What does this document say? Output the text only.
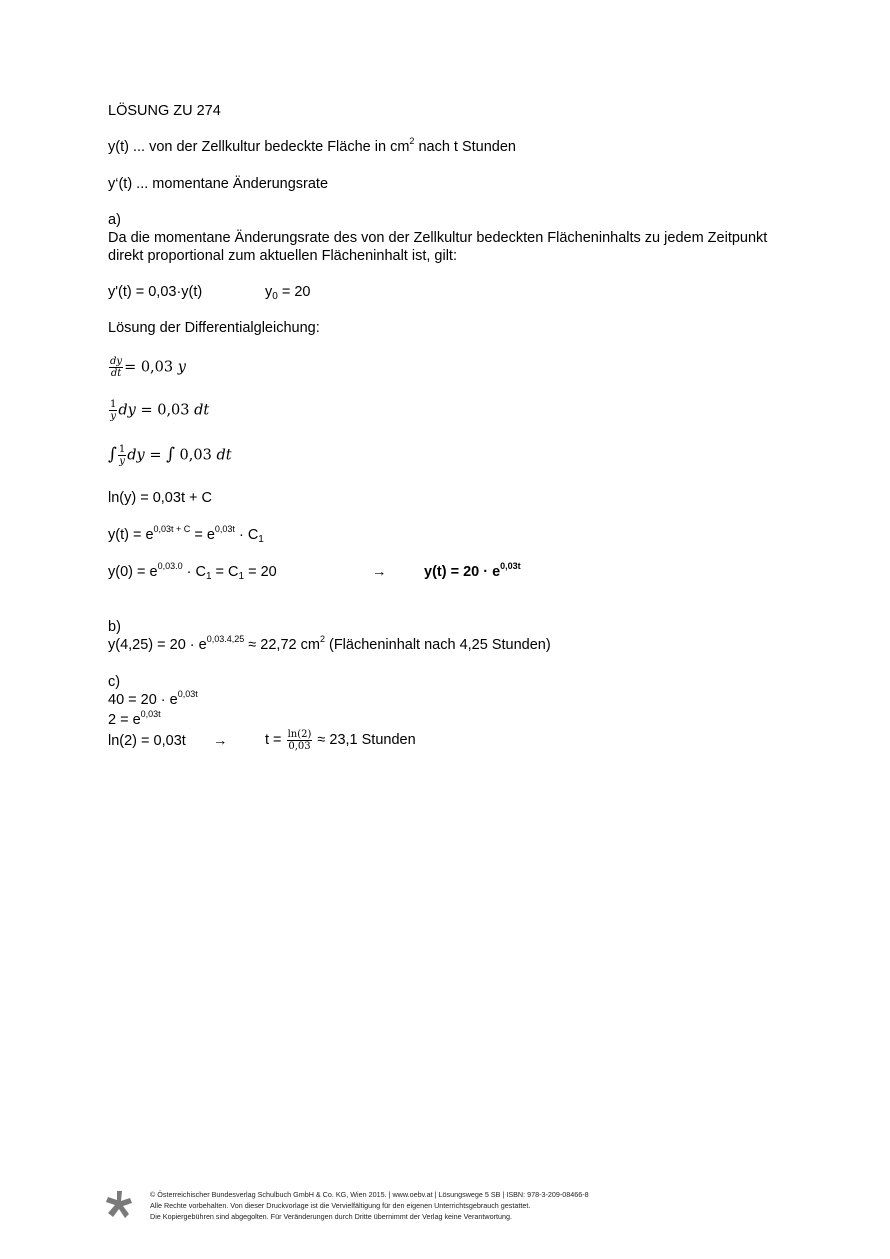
LÖSUNG ZU 274
y(t) ... von der Zellkultur bedeckte Fläche in $cm^2$ nach t Stunden
y‘(t) ... momentane Änderungsrate
a)
Da die momentane Änderungsrate des von der Zellkultur bedeckten Flächeninhalts zu jedem Zeitpunkt
direkt proportional zum aktuellen Flächeninhalt ist, gilt:
y'(t) = 0,03·y(t)	$y_0 = 20$
Lösung der Differentialgleichung:
$\frac{dy}{dt} = 0,03$ y
$\frac{1}{y}$ dy = 0,03 dt
∫ $\frac{1}{y}$ dy = ∫ 0,03 dt
ln(y) = 0,03t + C
$y(t) = e^{0,03t + C} = e^{0,03t} \cdot C_1$
$y(0) = e^{0,03.0} \cdot C_1 = C_1 = 20$	→	$y(t) = 20 \cdot e^{0,03t}$
b)
$y(4,25) = 20 \cdot e^{0,03.4,25} \approx 22,72$ $cm^2$ (Flächeninhalt nach 4,25 Stunden)
c)
$40 = 20 \cdot e^{0,03t}$
$2 = e^{0,03t}$
ln(2) = 0,03t →	$t = \frac{\ln(2)}{0,03} \approx 23,1$ Stunden
© Österreichischer Bundesverlag Schulbuch GmbH & Co. KG, Wien 2015. | www.oebv.at | Lösungswege 5 SB | ISBN: 978-3-209-08466-8
Alle Rechte vorbehalten. Von dieser Druckvorlage ist die Vervielfältigung für den eigenen Unterrichtsgebrauch gestattet.
Die Kopiergebühren sind abgegolten. Für Veränderungen durch Dritte übernimmt der Verlag keine Verantwortung.
